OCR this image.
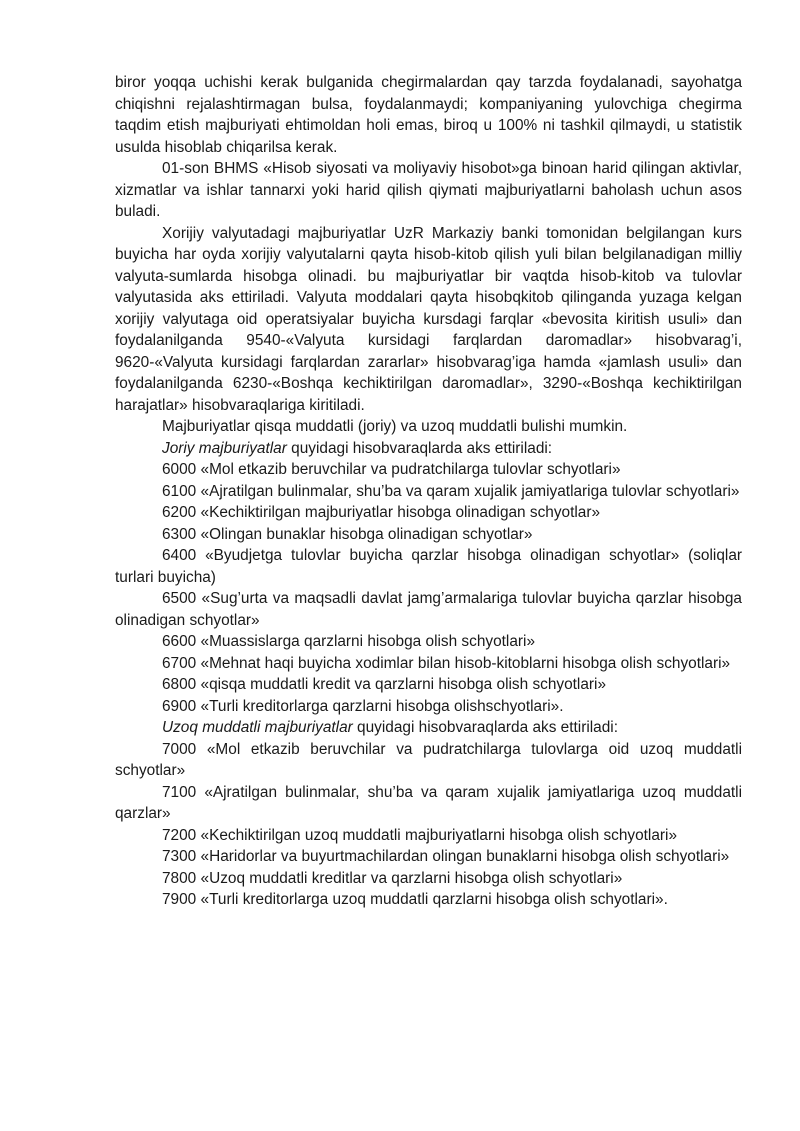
biror yoqqa uchishi kerak bulganida chegirmalardan qay tarzda foydalanadi, sayohatga chiqishni rejalashtirmagan bulsa, foydalanmaydi; kompaniyaning yulovchiga chegirma taqdim etish majburiyati ehtimoldan holi emas, biroq u 100% ni tashkil qilmaydi, u statistik usulda hisoblab chiqarilsa kerak.

01-son BHMS «Hisob siyosati va moliyaviy hisobot»ga binoan harid qilingan aktivlar, xizmatlar va ishlar tannarxi yoki harid qilish qiymati majburiyatlarni baholash uchun asos buladi.

Xorijiy valyutadagi majburiyatlar UzR Markaziy banki tomonidan belgilangan kurs buyicha har oyda xorijiy valyutalarni qayta hisob-kitob qilish yuli bilan belgilanadigan milliy valyuta-sumlarda hisobga olinadi. bu majburiyatlar bir vaqtda hisob-kitob va tulovlar valyutasida aks ettiriladi. Valyuta moddalari qayta hisobqkitob qilinganda yuzaga kelgan xorijiy valyutaga oid operatsiyalar buyicha kursdagi farqlar «bevosita kiritish usuli» dan foydalanilganda 9540-«Valyuta kursidagi farqlardan daromadlar» hisobvarag’i, 9620-«Valyuta kursidagi farqlardan zararlar» hisobvarag’iga hamda «jamlash usuli» dan foydalanilganda 6230-«Boshqa kechiktirilgan daromadlar», 3290-«Boshqa kechiktirilgan harajatlar» hisobvaraqlariga kiritiladi.

Majburiyatlar qisqa muddatli (joriy) va uzoq muddatli bulishi mumkin.

Joriy majburiyatlar quyidagi hisobvaraqlarda aks ettiriladi:

6000 «Mol etkazib beruvchilar va pudratchilarga tulovlar schyotlari»

6100 «Ajratilgan bulinmalar, shu’ba va qaram xujalik jamiyatlariga tulovlar schyotlari»

6200 «Kechiktirilgan majburiyatlar hisobga olinadigan schyotlar»

6300 «Olingan bunaklar hisobga olinadigan schyotlar»

6400 «Byudjetga tulovlar buyicha qarzlar hisobga olinadigan schyotlar» (soliqlar turlari buyicha)

6500 «Sug’urta va maqsadli davlat jamg’armalariga tulovlar buyicha qarzlar hisobga olinadigan schyotlar»

6600 «Muassislarga qarzlarni hisobga olish schyotlari»

6700 «Mehnat haqi buyicha xodimlar bilan hisob-kitoblarni hisobga olish schyotlari»

6800 «qisqa muddatli kredit va qarzlarni hisobga olish schyotlari»

6900 «Turli kreditorlarga qarzlarni hisobga olishschyotlari».

Uzoq muddatli majburiyatlar quyidagi hisobvaraqlarda aks ettiriladi:

7000 «Mol etkazib beruvchilar va pudratchilarga tulovlarga oid uzoq muddatli schyotlar»

7100 «Ajratilgan bulinmalar, shu’ba va qaram xujalik jamiyatlariga uzoq muddatli qarzlar»

7200 «Kechiktirilgan uzoq muddatli majburiyatlarni hisobga olish schyotlari»

7300 «Haridorlar va buyurtmachilardan olingan bunaklarni hisobga olish schyotlari»

7800 «Uzoq muddatli kreditlar va qarzlarni hisobga olish schyotlari»

7900 «Turli kreditorlarga uzoq muddatli qarzlarni hisobga olish schyotlari».
